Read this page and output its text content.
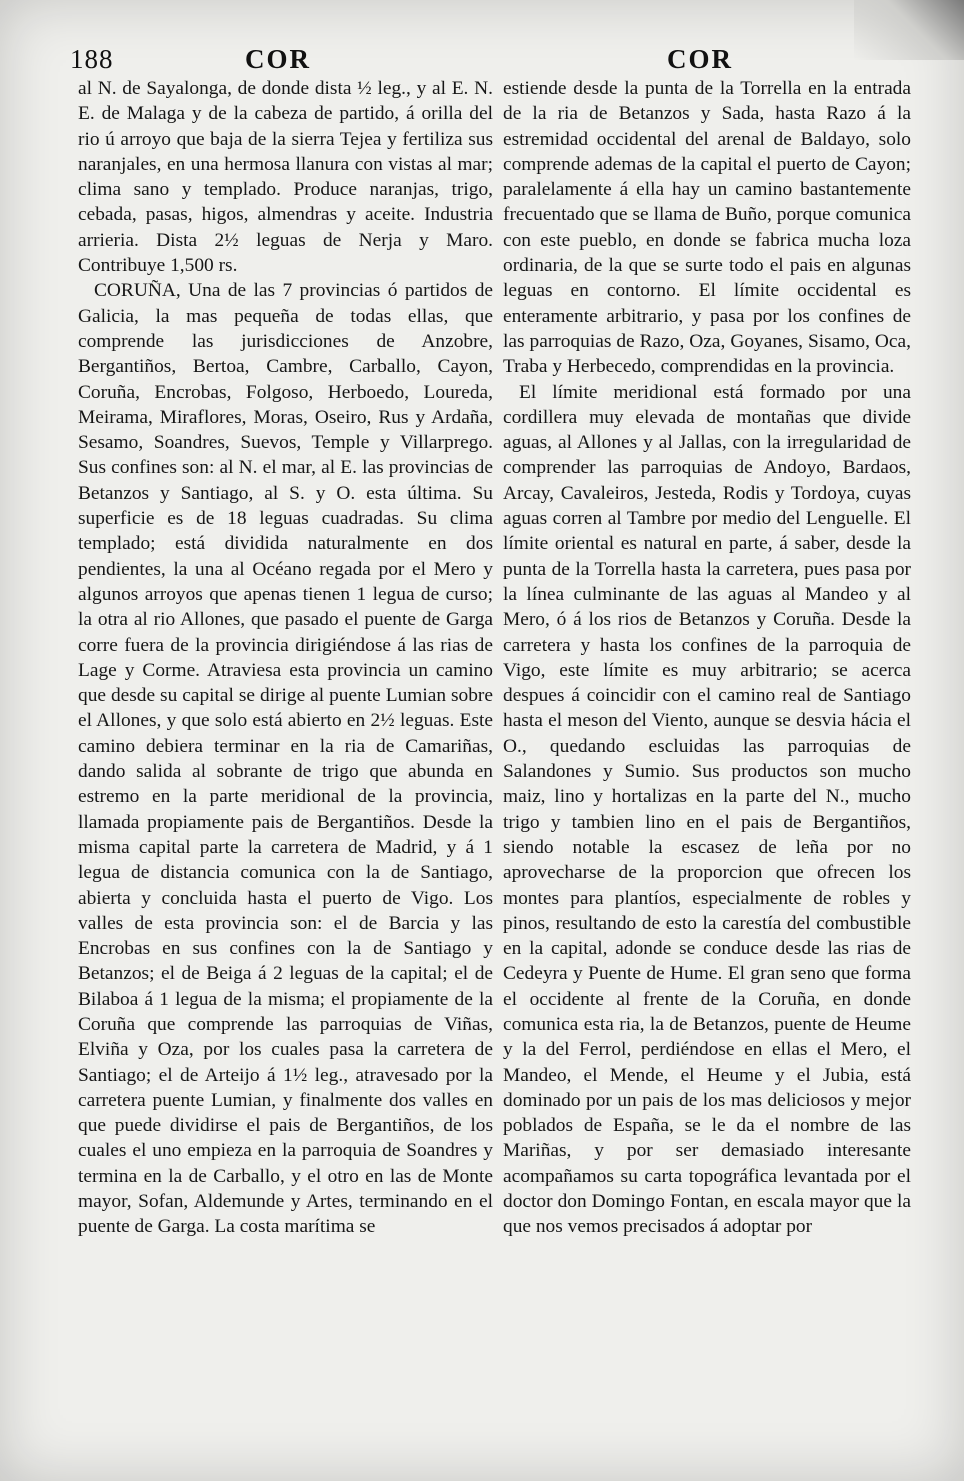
188	COR	COR

al N. de Sayalonga, de donde dista ½ leg., y al E. N. E. de Malaga y de la cabeza de partido, á orilla del rio ú arroyo que baja de la sierra Tejea y fertiliza sus naranjales, en una hermosa llanura con vistas al mar; clima sano y templado. Produce naranjas, trigo, cebada, pasas, higos, almendras y aceite. Industria arrieria. Dista 2½ leguas de Nerja y Maro. Contribuye 1,500 rs.

CORUÑA, Una de las 7 provincias ó partidos de Galicia, la mas pequeña de todas ellas, que comprende las jurisdicciones de Anzobre, Bergantiños, Bertoa, Cambre, Carballo, Cayon, Coruña, Encrobas, Folgoso, Herboedo, Loureda, Meirama, Miraflores, Moras, Oseiro, Rus y Ardaña, Sesamo, Soandres, Suevos, Temple y Villarprego. Sus confines son: al N. el mar, al E. las provincias de Betanzos y Santiago, al S. y O. esta última. Su superficie es de 18 leguas cuadradas. Su clima templado; está dividida naturalmente en dos pendientes, la una al Océano regada por el Mero y algunos arroyos que apenas tienen 1 legua de curso; la otra al rio Allones, que pasado el puente de Garga corre fuera de la provincia dirigiéndose á las rias de Lage y Corme. Atraviesa esta provincia un camino que desde su capital se dirige al puente Lumian sobre el Allones, y que solo está abierto en 2½ leguas. Este camino debiera terminar en la ria de Camariñas, dando salida al sobrante de trigo que abunda en estremo en la parte meridional de la provincia, llamada propiamente pais de Bergantiños. Desde la misma capital parte la carretera de Madrid, y á 1 legua de distancia comunica con la de Santiago, abierta y concluida hasta el puerto de Vigo. Los valles de esta provincia son: el de Barcia y las Encrobas en sus confines con la de Santiago y Betanzos; el de Beiga á 2 leguas de la capital; el de Bilaboa á 1 legua de la misma; el propiamente de la Coruña que comprende las parroquias de Viñas, Elviña y Oza, por los cuales pasa la carretera de Santiago; el de Arteijo á 1½ leg., atravesado por la carretera puente Lumian, y finalmente dos valles en que puede dividirse el pais de Bergantiños, de los cuales el uno empieza en la parroquia de Soandres y termina en la de Carballo, y el otro en las de Monte mayor, Sofan, Aldemunde y Artes, terminando en el puente de Garga. La costa marítima se

estiende desde la punta de la Torrella en la entrada de la ria de Betanzos y Sada, hasta Razo á la estremidad occidental del arenal de Baldayo, solo comprende ademas de la capital el puerto de Cayon; paralelamente á ella hay un camino bastantemente frecuentado que se llama de Buño, porque comunica con este pueblo, en donde se fabrica mucha loza ordinaria, de la que se surte todo el pais en algunas leguas en contorno. El límite occidental es enteramente arbitrario, y pasa por los confines de las parroquias de Razo, Oza, Goyanes, Sisamo, Oca, Traba y Herbecedo, comprendidas en la provincia.

El límite meridional está formado por una cordillera muy elevada de montañas que divide aguas, al Allones y al Jallas, con la irregularidad de comprender las parroquias de Andoyo, Bardaos, Arcay, Cavaleiros, Jesteda, Rodis y Tordoya, cuyas aguas corren al Tambre por medio del Lenguelle. El límite oriental es natural en parte, á saber, desde la punta de la Torrella hasta la carretera, pues pasa por la línea culminante de las aguas al Mandeo y al Mero, ó á los rios de Betanzos y Coruña. Desde la carretera y hasta los confines de la parroquia de Vigo, este límite es muy arbitrario; se acerca despues á coincidir con el camino real de Santiago hasta el meson del Viento, aunque se desvia hácia el O., quedando escluidas las parroquias de Salandones y Sumio. Sus productos son mucho maiz, lino y hortalizas en la parte del N., mucho trigo y tambien lino en el pais de Bergantiños, siendo notable la escasez de leña por no aprovecharse de la proporcion que ofrecen los montes para plantíos, especialmente de robles y pinos, resultando de esto la carestía del combustible en la capital, adonde se conduce desde las rias de Cedeyra y Puente de Hume. El gran seno que forma el occidente al frente de la Coruña, en donde comunica esta ria, la de Betanzos, puente de Heume y la del Ferrol, perdiéndose en ellas el Mero, el Mandeo, el Mende, el Heume y el Jubia, está dominado por un pais de los mas deliciosos y mejor poblados de España, se le da el nombre de las Mariñas, y por ser demasiado interesante acompañamos su carta topográfica levantada por el doctor don Domingo Fontan, en escala mayor que la que nos vemos precisados á adoptar por
